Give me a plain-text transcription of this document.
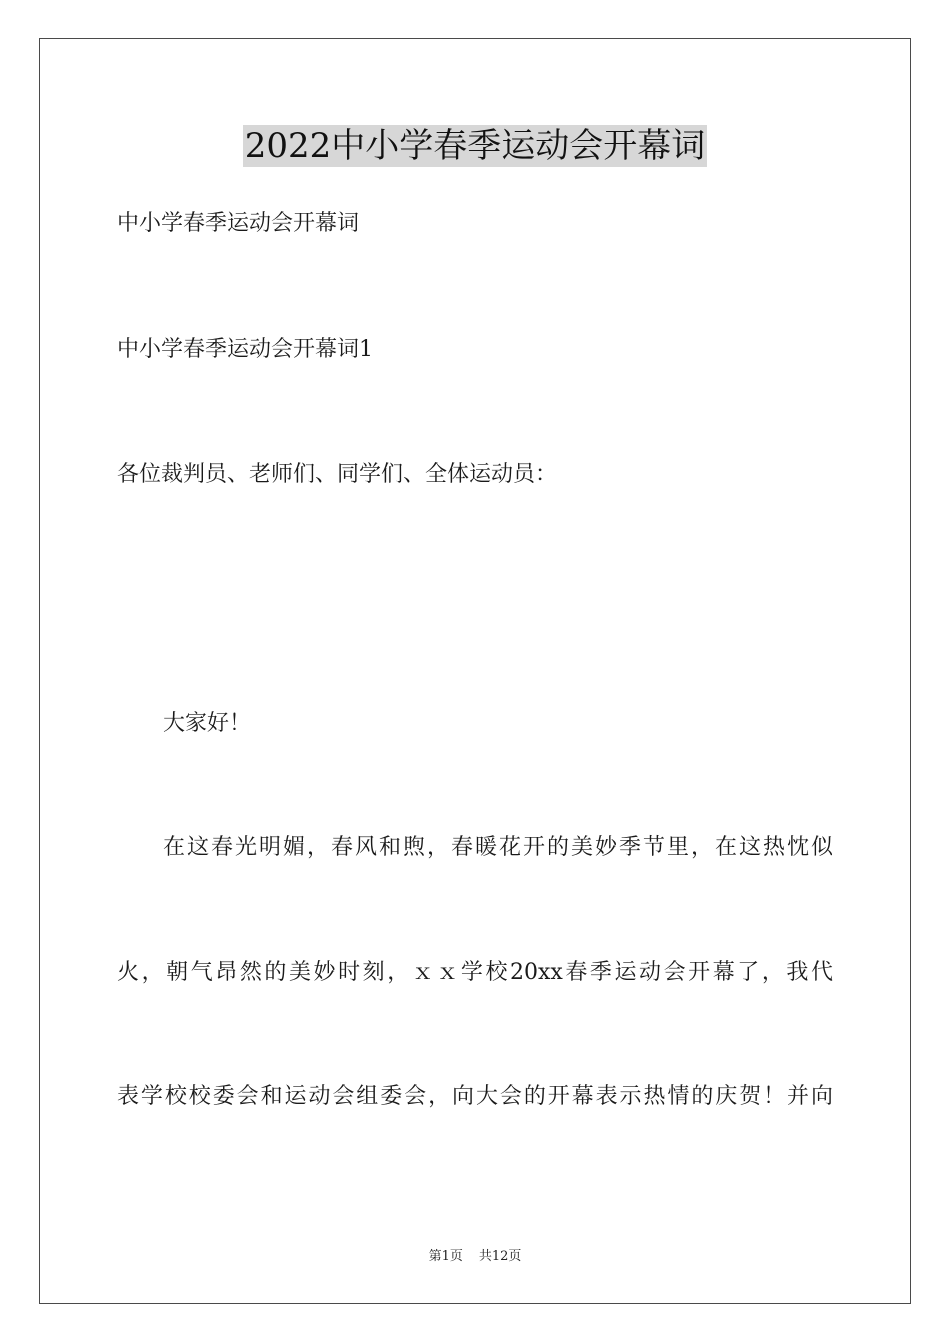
2022中小学春季运动会开幕词
中小学春季运动会开幕词
中小学春季运动会开幕词1
各位裁判员、老师们、同学们、全体运动员：
大家好！
在这春光明媚，春风和煦，春暖花开的美妙季节里，在这热忱似
火，朝气昂然的美妙时刻，ｘｘ学校20xx春季运动会开幕了，我代
表学校校委会和运动会组委会，向大会的开幕表示热情的庆贺！并向
第1页 共12页
